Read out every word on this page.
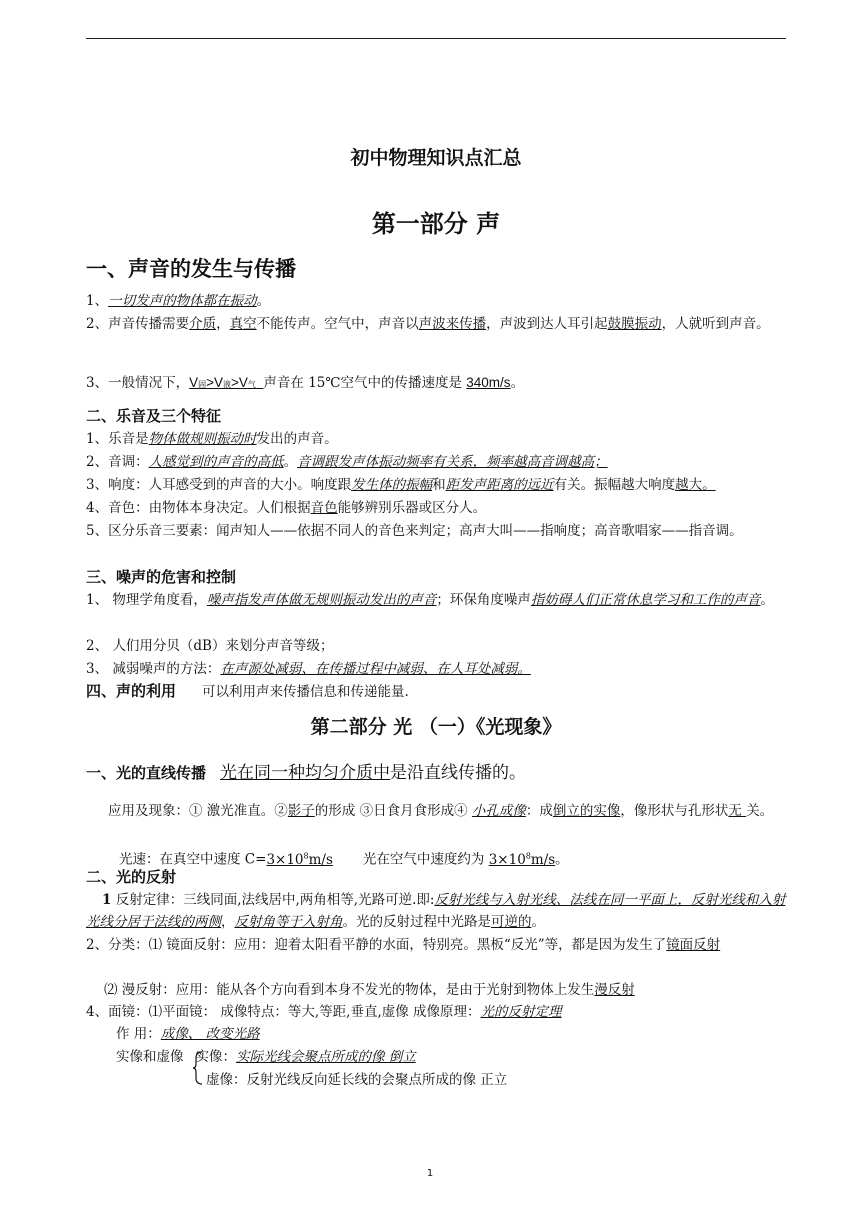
初中物理知识点汇总
第一部分 声
一、声音的发生与传播
1、一切发声的物体都在振动。
2、声音传播需要介质，真空不能传声。空气中，声音以声波来传播，声波到达人耳引起鼓膜振动，人就听到声音。
3、一般情况下，V固>V液>V气 声音在 15℃空气中的传播速度是 340m/s。
二、乐音及三个特征
1、乐音是物体做规则振动时发出的声音。
2、音调：人感觉到的声音的高低。音调跟发声体振动频率有关系，频率越高音调越高；
3、响度：人耳感受到的声音的大小。响度跟发生体的振幅和距发声距离的远近有关。振幅越大响度越大。
4、音色：由物体本身决定。人们根据音色能够辨别乐器或区分人。
5、区分乐音三要素：闻声知人——依据不同人的音色来判定；高声大叫——指响度；高音歌唱家——指音调。
三、噪声的危害和控制
1、 物理学角度看，噪声指发声体做无规则振动发出的声音；环保角度噪声指妨碍人们正常休息学习和工作的声音。
2、 人们用分贝（dB）来划分声音等级；
3、 减弱噪声的方法：在声源处减弱、在传播过程中减弱、在人耳处减弱。
四、声的利用 可以利用声来传播信息和传递能量.
第二部分 光 （一）《光现象》
一、光的直线传播 光在同一种均匀介质中是沿直线传播的。
应用及现象：① 激光准直。②影子的形成 ③日食月食形成④ 小孔成像：成倒立的实像，像形状与孔形状无 关。
光速：在真空中速度 $C=3\times 10^8m/s$ 光在空气中速度约为 $3\times 10^8m/s$。
二、光的反射
1 反射定律：三线同面,法线居中,两角相等,光路可逆.即:反射光线与入射光线、法线在同一平面上，反射光线和入射光线分居于法线的两侧，反射角等于入射角。光的反射过程中光路是可逆的。
2、分类：⑴ 镜面反射：应用：迎着太阳看平静的水面，特别亮。黑板“反光”等，都是因为发生了镜面反射
⑵ 漫反射：应用：能从各个方向看到本身不发光的物体，是由于光射到物体上发生漫反射
4、面镜：⑴平面镜： 成像特点：等大,等距,垂直,虚像 成像原理：光的反射定理
作 用：成像、 改变光路
实像和虚像 实像：实际光线会聚点所成的像 倒立
虚像：反射光线反向延长线的会聚点所成的像 正立
1
